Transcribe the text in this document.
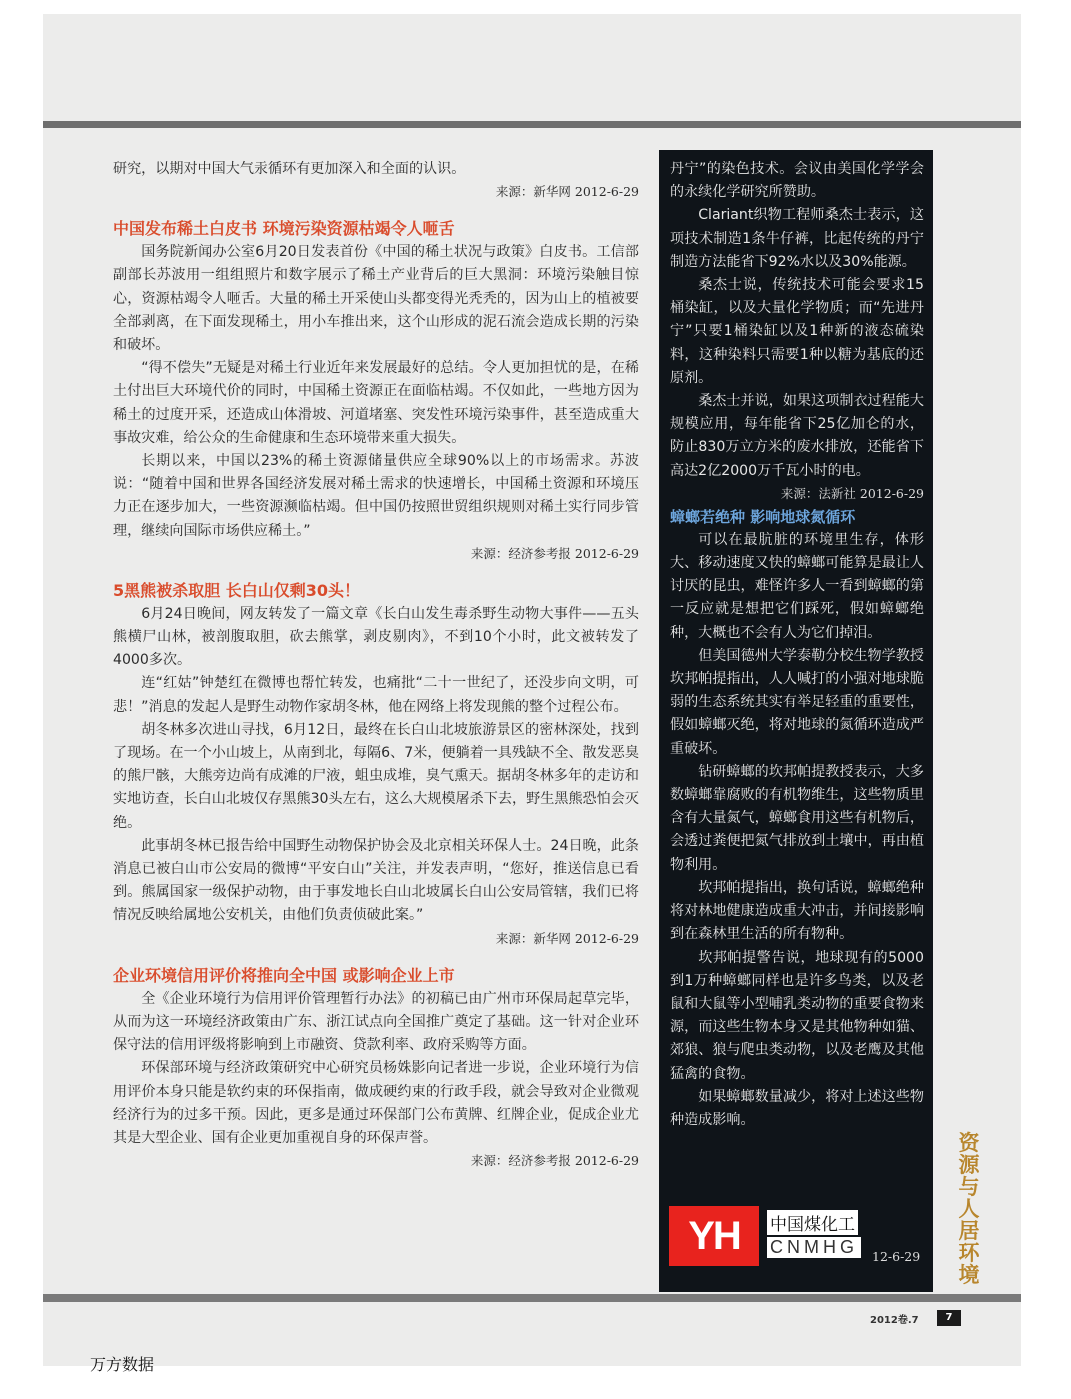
研究，以期对中国大气汞循环有更加深入和全面的认识。

来源：新华网 2012-6-29

中国发布稀土白皮书 环境污染资源枯竭令人咂舌

国务院新闻办公室6月20日发表首份《中国的稀土状况与政策》白皮书。工信部副部长苏波用一组组照片和数字展示了稀土产业背后的巨大黑洞：环境污染触目惊心，资源枯竭令人咂舌。大量的稀土开采使山头都变得光秃秃的，因为山上的植被要全部剥离，在下面发现稀土，用小车推出来，这个山形成的泥石流会造成长期的污染和破坏。

“得不偿失”无疑是对稀土行业近年来发展最好的总结。令人更加担忧的是，在稀土付出巨大环境代价的同时，中国稀土资源正在面临枯竭。不仅如此，一些地方因为稀土的过度开采，还造成山体滑坡、河道堵塞、突发性环境污染事件，甚至造成重大事故灾难，给公众的生命健康和生态环境带来重大损失。

长期以来，中国以23%的稀土资源储量供应全球90%以上的市场需求。苏波说：“随着中国和世界各国经济发展对稀土需求的快速增长，中国稀土资源和环境压力正在逐步加大，一些资源濒临枯竭。但中国仍按照世贸组织规则对稀土实行同步管理，继续向国际市场供应稀土。”

来源：经济参考报 2012-6-29

5黑熊被杀取胆 长白山仅剩30头！

6月24日晚间，网友转发了一篇文章《长白山发生毒杀野生动物大事件——五头熊横尸山林，被剖腹取胆，砍去熊掌，剥皮剔肉》，不到10个小时，此文被转发了4000多次。

连“红姑”钟楚红在微博也帮忙转发，也痛批“二十一世纪了，还没步向文明，可悲！”消息的发起人是野生动物作家胡冬林，他在网络上将发现熊的整个过程公布。

胡冬林多次进山寻找，6月12日，最终在长白山北坡旅游景区的密林深处，找到了现场。在一个小山坡上，从南到北，每隔6、7米，便躺着一具残缺不全、散发恶臭的熊尸骸，大熊旁边尚有成滩的尸液，蛆虫成堆，臭气熏天。据胡冬林多年的走访和实地访查，长白山北坡仅存黑熊30头左右，这么大规模屠杀下去，野生黑熊恐怕会灭绝。

此事胡冬林已报告给中国野生动物保护协会及北京相关环保人士。24日晚，此条消息已被白山市公安局的微博“平安白山”关注，并发表声明，“您好，推送信息已看到。熊属国家一级保护动物，由于事发地长白山北坡属长白山公安局管辖，我们已将情况反映给属地公安机关，由他们负责侦破此案。”

来源：新华网 2012-6-29

企业环境信用评价将推向全中国 或影响企业上市

全《企业环境行为信用评价管理暂行办法》的初稿已由广州市环保局起草完毕，从而为这一环境经济政策由广东、浙江试点向全国推广奠定了基础。这一针对企业环保守法的信用评级将影响到上市融资、贷款利率、政府采购等方面。

环保部环境与经济政策研究中心研究员杨姝影向记者进一步说，企业环境行为信用评价本身只能是软约束的环保指南，做成硬约束的行政手段，就会导致对企业微观经济行为的过多干预。因此，更多是通过环保部门公布黄牌、红牌企业，促成企业尤其是大型企业、国有企业更加重视自身的环保声誉。

来源：经济参考报 2012-6-29

丹宁”的染色技术。会议由美国化学学会的永续化学研究所赞助。

Clariant织物工程师桑杰士表示，这项技术制造1条牛仔裤，比起传统的丹宁制造方法能省下92%水以及30%能源。

桑杰士说，传统技术可能会要求15桶染缸，以及大量化学物质；而“先进丹宁”只要1桶染缸以及1种新的液态硫染料，这种染料只需要1种以糖为基底的还原剂。

桑杰士并说，如果这项制衣过程能大规模应用，每年能省下25亿加仑的水，防止830万立方米的废水排放，还能省下高达2亿2000万千瓦小时的电。

来源：法新社 2012-6-29

蟑螂若绝种 影响地球氮循环

可以在最肮脏的环境里生存，体形大、移动速度又快的蟑螂可能算是最让人讨厌的昆虫，难怪许多人一看到蟑螂的第一反应就是想把它们踩死，假如蟑螂绝种，大概也不会有人为它们掉泪。

但美国德州大学泰勒分校生物学教授坎邦帕提指出，人人喊打的小强对地球脆弱的生态系统其实有举足轻重的重要性，假如蟑螂灭绝，将对地球的氮循环造成严重破坏。

钻研蟑螂的坎邦帕提教授表示，大多数蟑螂靠腐败的有机物维生，这些物质里含有大量氮气，蟑螂食用这些有机物后，会透过粪便把氮气排放到土壤中，再由植物利用。

坎邦帕提指出，换句话说，蟑螂绝种将对林地健康造成重大冲击，并间接影响到在森林里生活的所有物种。

坎邦帕提警告说，地球现有的5000到1万种蟑螂同样也是许多鸟类，以及老鼠和大鼠等小型哺乳类动物的重要食物来源，而这些生物本身又是其他物种如猫、郊狼、狼与爬虫类动物，以及老鹰及其他猛禽的食物。

如果蟑螂数量减少，将对上述这些物种造成影响。

YH	中国煤化工
CNMHG 12-6-29
资
源
与
人
居
环
境
2012卷.7	7
万方数据
